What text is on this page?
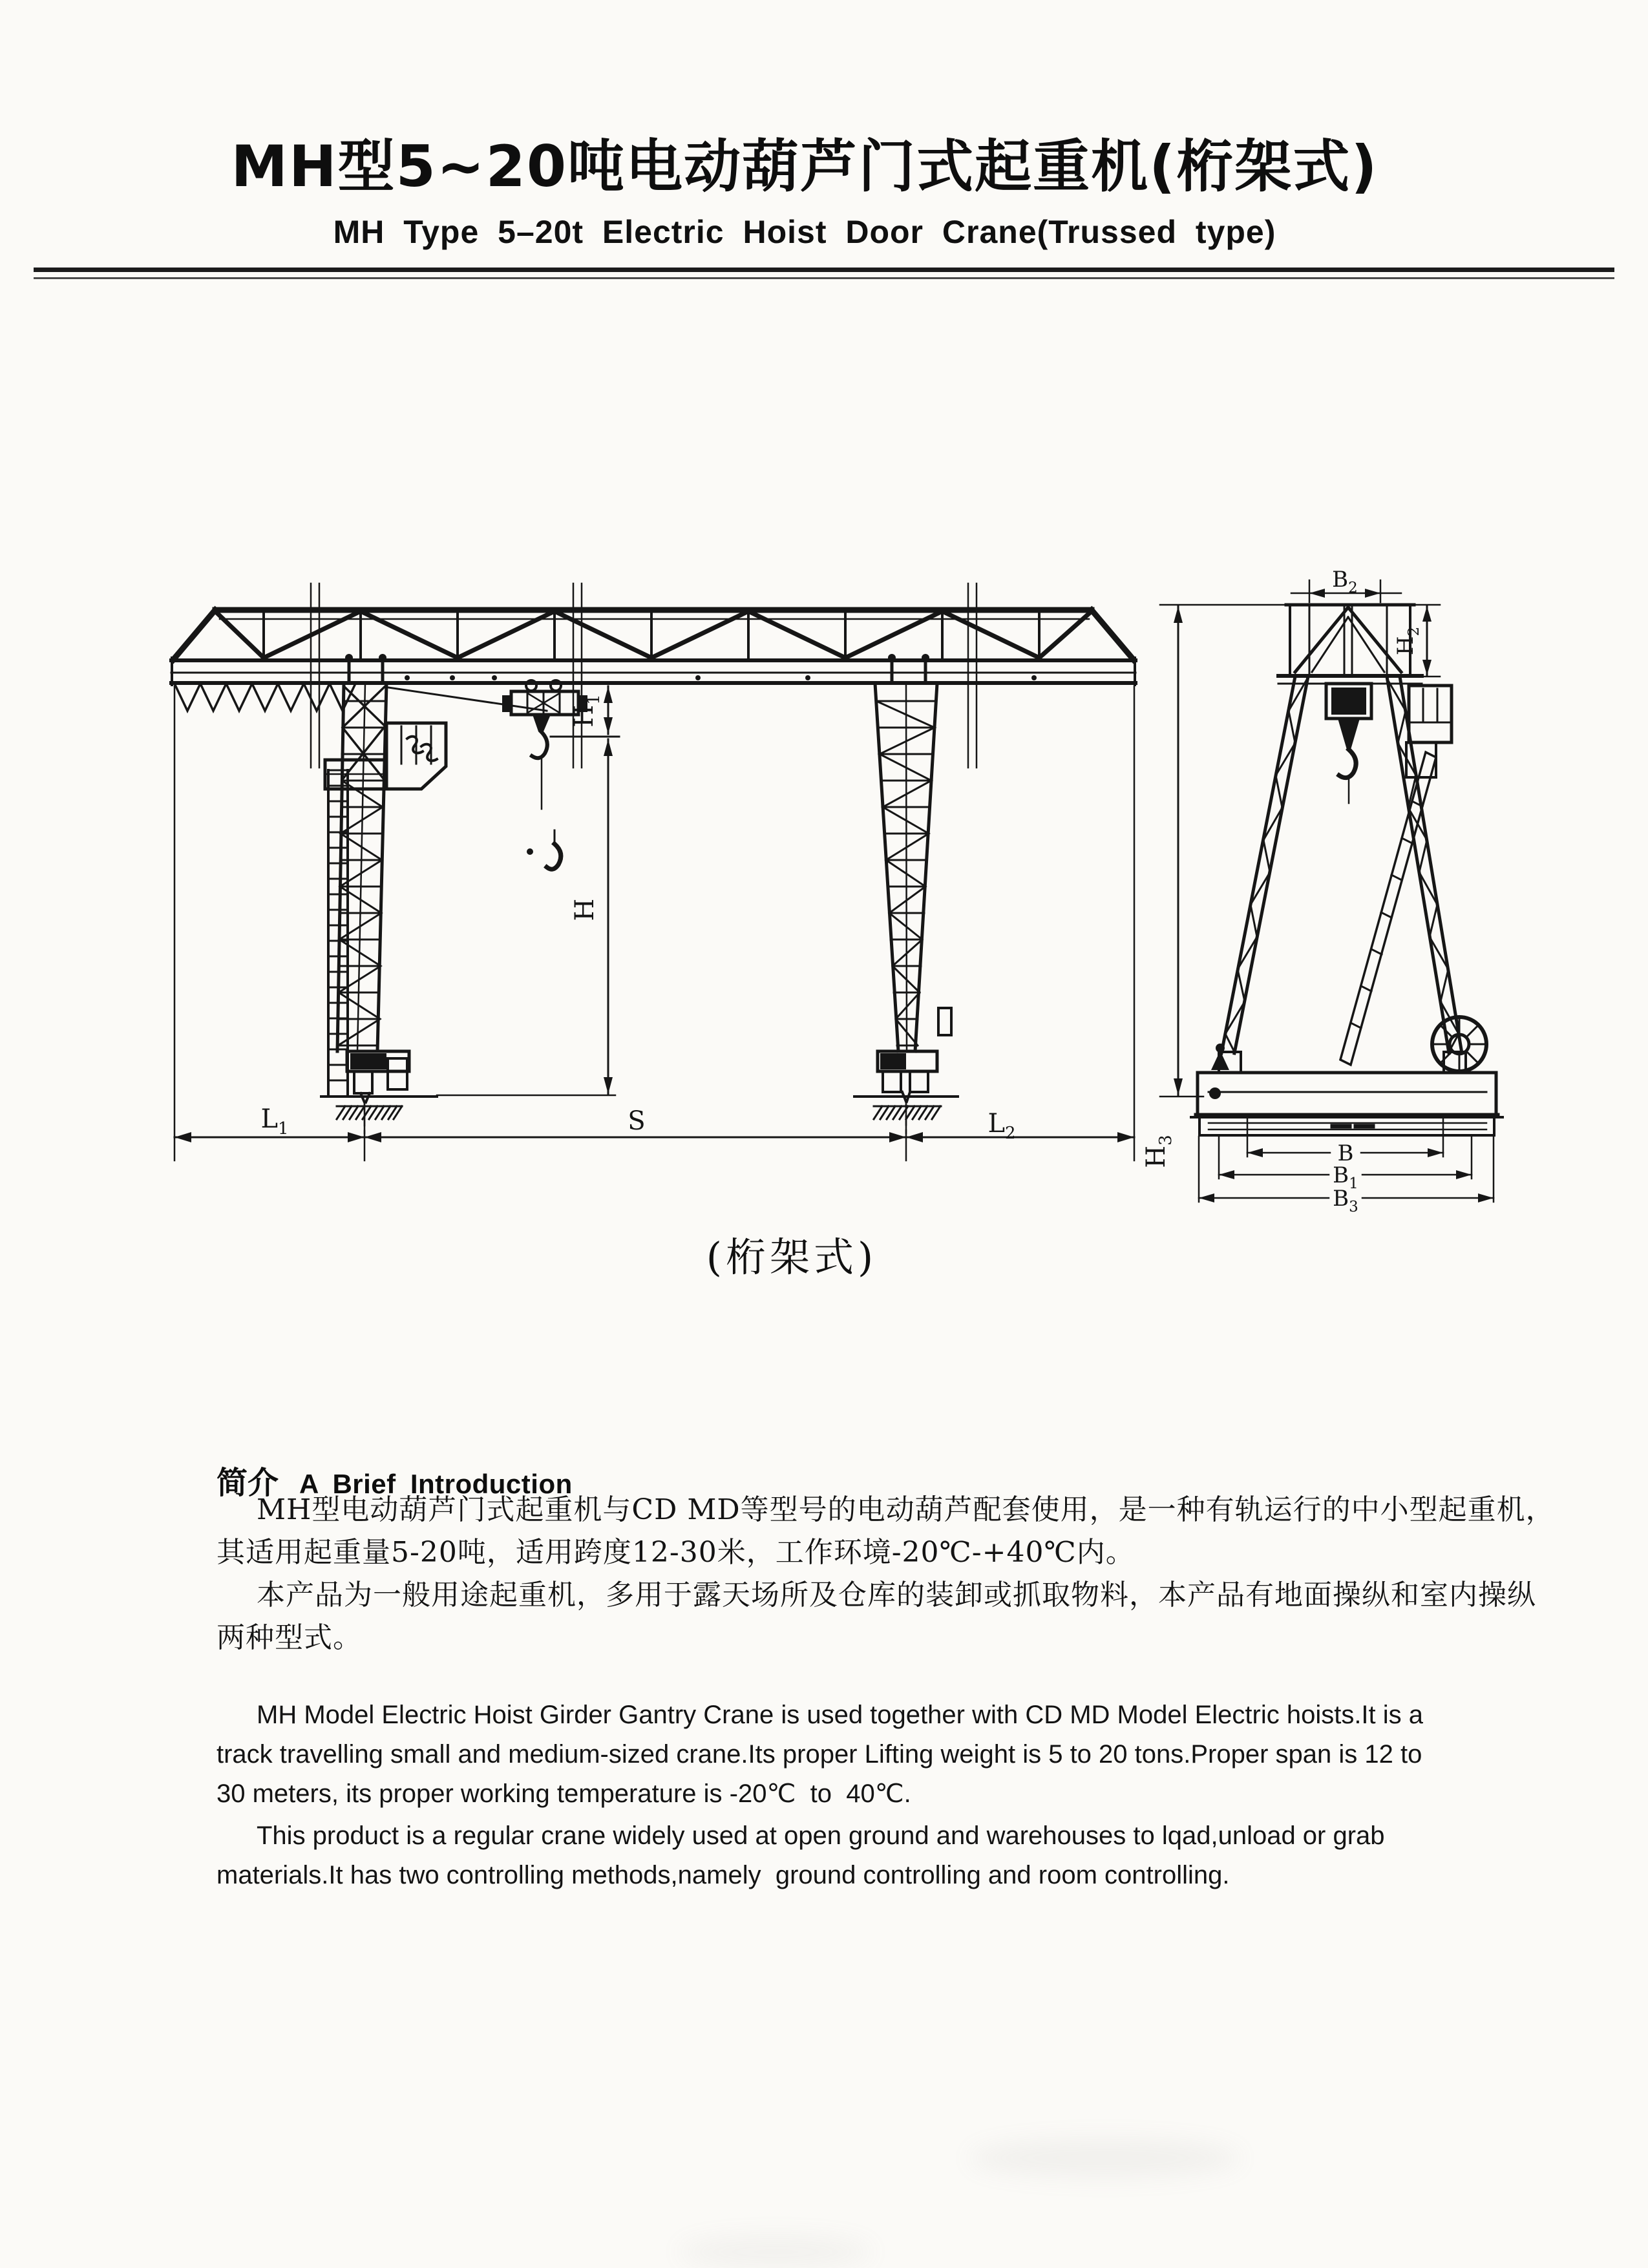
MH型5~20吨电动葫芦门式起重机(桁架式)
MH Type 5–20t Electric Hoist Door Crane(Trussed type)
$H_1$
H
$L_1$	S	$L_2$
$H_3$
$B_2$
$H_2$
B
$B_1$
$B_3$
(桁架式)
简介 A Brief Introduction
MH型电动葫芦门式起重机与CD MD等型号的电动葫芦配套使用，是一种有轨运行的中小型起重机，
其适用起重量5-20吨，适用跨度12-30米，工作环境-20℃-+40℃内。
本产品为一般用途起重机，多用于露天场所及仓库的装卸或抓取物料，本产品有地面操纵和室内操纵
两种型式。
MH Model Electric Hoist Girder Gantry Crane is used together with CD MD Model Electric hoists.It is a
track travelling small and medium-sized crane.Its proper Lifting weight is 5 to 20 tons.Proper span is 12 to
30 meters, its proper working temperature is -20℃  to  40℃.
This product is a regular crane widely used at open ground and warehouses to lqad,unload or grab
materials.It has two controlling methods,namely  ground controlling and room controlling.
